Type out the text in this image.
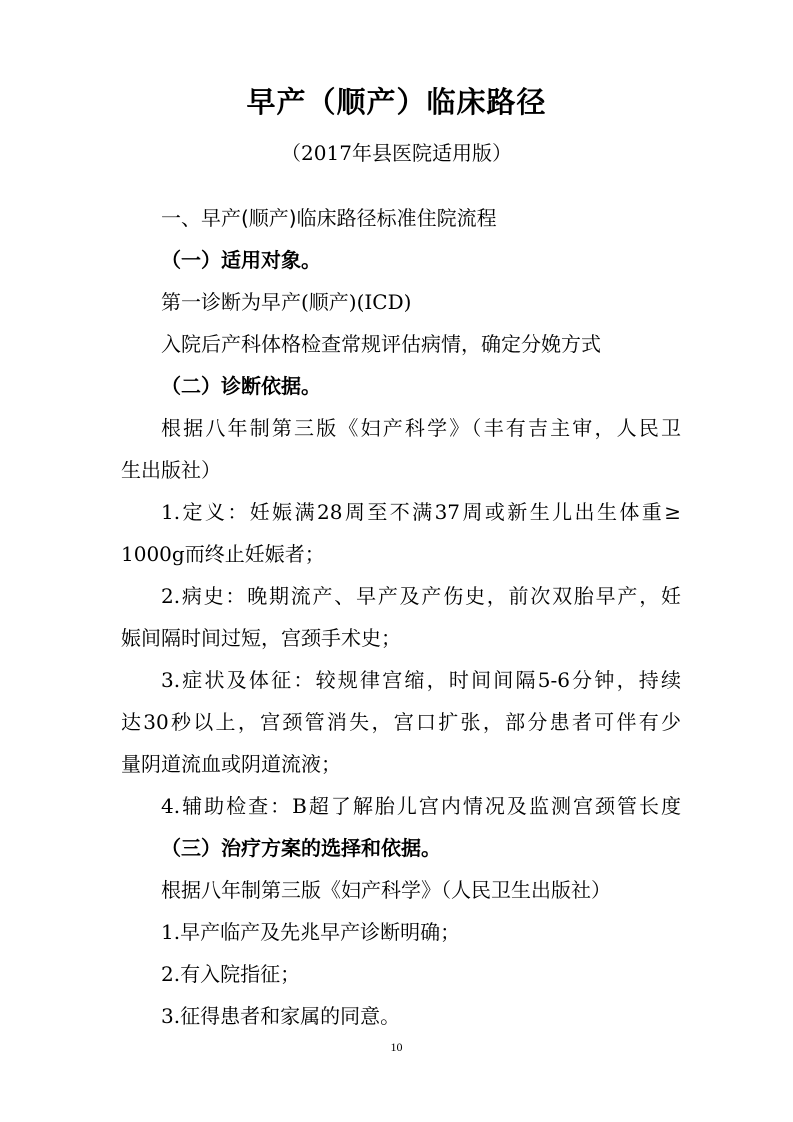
早产（顺产）临床路径
（2017年县医院适用版）
一、早产(顺产)临床路径标准住院流程
（一）适用对象。
第一诊断为早产(顺产)(ICD)
入院后产科体格检查常规评估病情，确定分娩方式
（二）诊断依据。
根据八年制第三版《妇产科学》（丰有吉主审，人民卫
生出版社）
1.定义：妊娠满28周至不满37周或新生儿出生体重≥
1000g而终止妊娠者；
2.病史：晚期流产、早产及产伤史，前次双胎早产，妊
娠间隔时间过短，宫颈手术史；
3.症状及体征：较规律宫缩，时间间隔5-6分钟，持续
达30秒以上，宫颈管消失，宫口扩张，部分患者可伴有少
量阴道流血或阴道流液；
4.辅助检查：B超了解胎儿宫内情况及监测宫颈管长度
（三）治疗方案的选择和依据。
根据八年制第三版《妇产科学》（人民卫生出版社）
1.早产临产及先兆早产诊断明确；
2.有入院指征；
3.征得患者和家属的同意。
10
